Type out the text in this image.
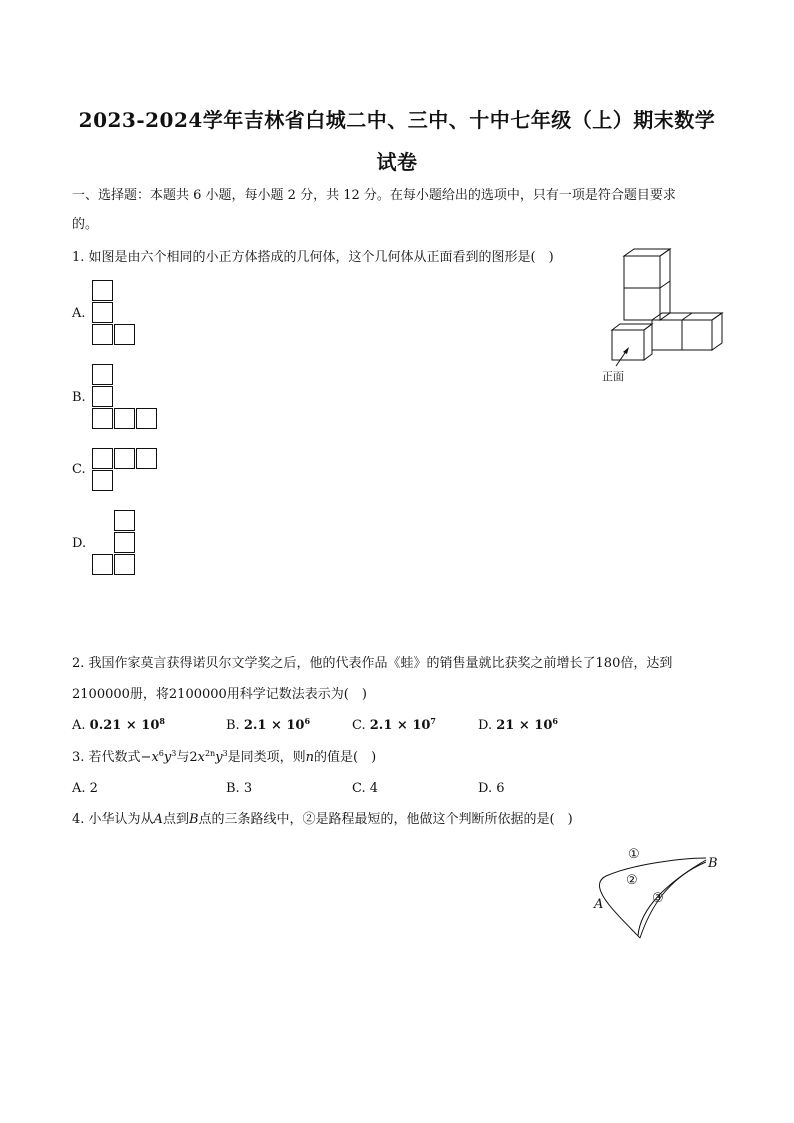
2023-2024学年吉林省白城二中、三中、十中七年级（上）期末数学
试卷
一、选择题：本题共 6 小题，每小题 2 分，共 12 分。在每小题给出的选项中，只有一项是符合题目要求
的。
1. 如图是由六个相同的小正方体搭成的几何体，这个几何体从正面看到的图形是(　)
正面
A.
B.
C.
D.
2. 我国作家莫言获得诺贝尔文学奖之后，他的代表作品《蛙》的销售量就比获奖之前增长了180倍，达到
2100000册，将2100000用科学记数法表示为(　)
A. $0.21 \times 10^8$	B. $2.1 \times 10^6$	C. $2.1 \times 10^7$	D. $21 \times 10^6$
3. 若代数式$-x^6y^3$与$2x^{2n}y^3$是同类项，则n的值是(　)
A. 2	B. 3	C. 4	D. 6
4. 小华认为从A点到B点的三条路线中，②是路程最短的，他做这个判断所依据的是(　)
①
②
③
B
A
